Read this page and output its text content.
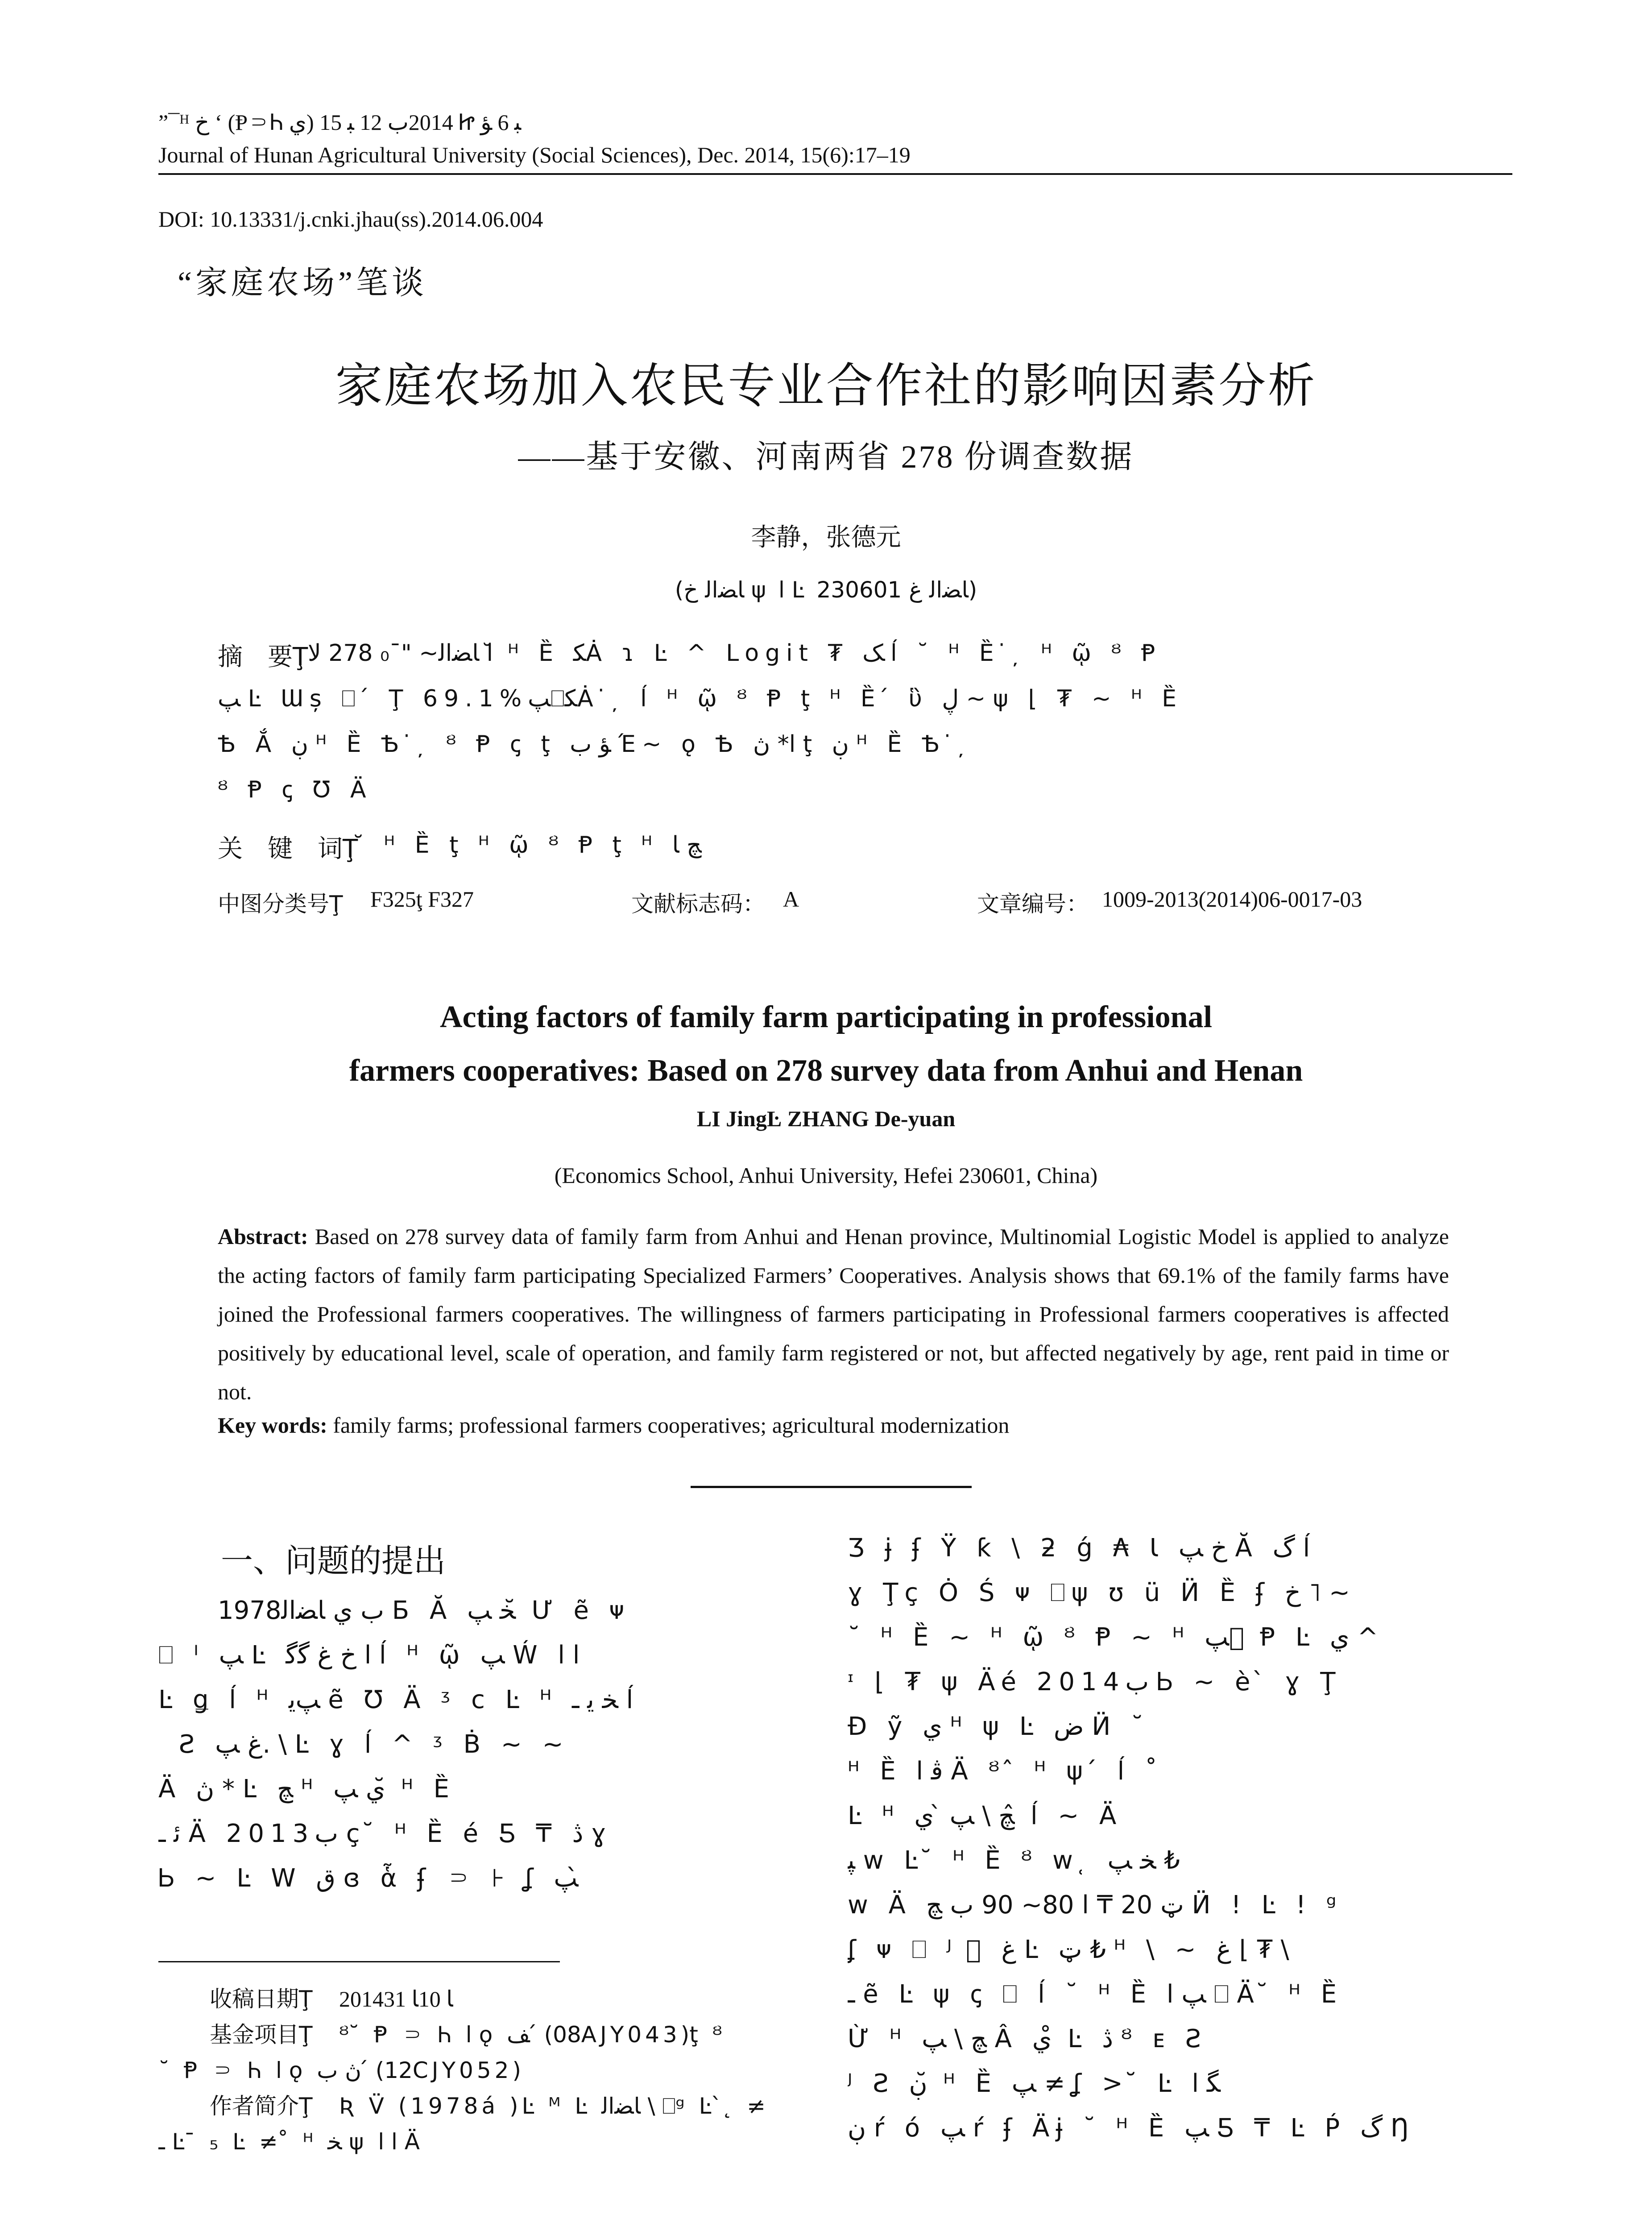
”¯ᴴ ﺥ ʻ (Ᵽ⸧Ꮒ ﻱ) 2014ﺏ 12 ﺒ 15 Ꮵ ﺒ 6 ﺆ
Journal of Hunan Agricultural University (Social Sciences), Dec. 2014, 15(6):17–19
DOI: 10.13331/j.cnki.jhau(ss).2014.06.004
“家庭农场”笔谈
家庭农场加入农民专业合作社的影响因素分析
——基于安徽、河南两省 278 份调查数据
李静，张德元
(ﺎﻀﺍﻟ ﺥ ψ ﺍ Ŀ ﺎﻀﺍﻟ ﻍ 230601)
摘　要Ţ ﺍ ﺎﻀﺍﻟ~ "¯₀ 278 ﻻ ̆ ᴴ Ȅ ﮑȦ ɿ Ŀ ^ Logit ₮ ﮏ ĺ ˘ ᴴ Ȅ ̇ ̦ ᴴ ῷ ᴽ Ᵽ
ﭗ Ŀ Ɯș ⎕ ́ Ţ 69.1%ﭗ⎕ﮑȦ ̇ ̦ ĺ ᴴ ῷ ᴽ Ᵽ ţ ᴴ Ȅ ́ ὓ ڸ ~ ψ ⌊ ₮ ~ ᴴ Ȅ
Ѣ Ắ ڹ ᴴ Ȅ Ѣ ̇ ̦ ᴽ Ᵽ ꞔ ţ ﺆ ﺏ Έ~ ǫ Ѣ ﺍ* ڽ ţ ڹ ᴴ Ȅ Ѣ ̇ ̦
ᴽ Ᵽ ꞔ Ʊ Ä
关　键　词Ţ
˘ ᴴ Ȅ ţ ᴴ ῷ ᴽ Ᵽ ţ ᴴ ﭻ ﺎ
中图分类号Ţ F325ţ F327	文献标志码： A	文章编号： 1009-2013(2014)06-0017-03
Acting factors of family farm participating in professional
farmers cooperatives: Based on 278 survey data from Anhui and Henan
LI JingĿ ZHANG De-yuan
(Economics School, Anhui University, Hefei 230601, China)
Abstract: Based on 278 survey data of family farm from Anhui and Henan province, Multinomial Logistic Model is applied to analyze the acting factors of family farm participating Specialized Farmers’ Cooperatives. Analysis shows that 69.1% of the family farms have joined the Professional farmers cooperatives. The willingness of farmers participating in Professional farmers cooperatives is affected positively by educational level, scale of operation, and family farm registered or not, but affected negatively by age, rent paid in time or not.
Key words: family farms; professional farmers cooperatives; agricultural modernization
一、问题的提出
1978ﺏ ﻱ ﺎﻀﺍﻟ Ƃ Ă ﺨ ﭗ ̆ Ư ẽ ᴪ
⎕ ᴵ ﭗ Ŀ ﺍ ﺥ ﻍ ﮔﮔ ĺ ᴴ ῷ ﭗ Ẃ ﺍ ﺍ
Ŀ ǥ ĺ ᴴ ﭗﯾ ẽ ℧ Ä ᶾ c Ŀ ᴴ ﺨ ﻳ ـ ĺ
̗ Ƨ ﻍ ﭗ. \ Ŀ ɣ ĺ ^ ᶾ Ḃ ~ ~
Ä ڽ * Ŀ ﭻ ᴴ ﻱ ﭗ ̆ ᴴ Ȅ
ﺋ ـ Ä 2013ﺏ ç ̆ ᴴ Ȅ é Ƽ ₸ ڎ ɣ
Ꮟ ~ Ŀ W ق ɞ ἇ ʄ ⸧ ⊦ ʆ ﭗ ̀
收稿日期Ţ 2014ﺎ 10ﺎ 31
基金项目Ţ ᴽ ̆ Ᵽ ⸧ Ꮒ ﺍ ǫ ﻒ ́ (08AJY043)ţ ᴽ
˘ Ᵽ ⸧ Ꮒ ﺍ ǫ ڽ ﺏ ́ (12CJY052)
作者简介Ţ Ʀ V̈ (1978á )Ŀ ᴹ Ŀ ﺎﻀﺍﻟ \ ⎕ᵍ Ŀ ̀ ̨ ≠
ـ Ŀ ̄ ₅ Ŀ ≠ ̊ ᴴ ﺨ ψ ﺍ ﺍ Ä
Ʒ ɉ ʄ Ÿ ƙ \ ƻ ǵ ₳ Ɩ ﺥ ﭗ Ă ﮒ ĺ
ɣ Ţç Ȯ Ś ᴪ ⎕ψ ʊ ü Ӥ Ȅ ʄ ﺥ ˥ ~
˘ ᴴ Ȅ ~ ᴴ ῷ ᴽ Ᵽ ~ ᴴ ﭗ ᷢ Ᵽ Ŀ ﻱ ^
ᶦ ⌊ ₮ ψ Äé 2014ﺏ Ꮟ ~ è ̀ ɣ Ţ
Đ ỹ ﻱ ᴴ ψ Ŀ ﺽ Ӥ ˘
ᴴ Ȅ ﭬ ﺍ Ä ᴽ ̂ ᴴ ψ ́ ĺ ˚
Ŀ ᴴ ﭻ \ ﭗ ̀ ﻱ ̂ ĺ ~ Ä
ﭙ w Ŀ ̆ ᴴ Ȅ ᴽ w ̜ ﺨ ﭗ ₺
w Ä ټ 20 ₸ ﺍ 80~ 90 ﺏ ﭻ Ӥ ! Ŀ ! ᵍ
ʆ ᴪ ⎕ ᴶ ᷢ ﻍ Ŀ ټ ₺ ᴴ \ ~ ﻍ ⌊ ₮ \
ـ ẽ Ŀ ψ ꞔ ⎕ ĺ ˘ ᴴ Ȅ ﭗ ﺍ ⎕ Ä ̆ ᴴ Ȅ
Ừ ᴴ ﭻ \ ﭗ Â ﻱ ̊ Ŀ ڎ ᴽ ᴇ Ƨ
ᴶ Ƨ ڹ ̆ ᴴ Ȅ ﭗ ≠ ʆ > ̆ Ŀ ﮕ ﺍ
ڹ ŕ ó ﭗ ŕ ʄ Äɉ ˘ ᴴ Ȅ ﭗ Ƽ ₸ Ŀ Ṕ ﮒ Ŋ
